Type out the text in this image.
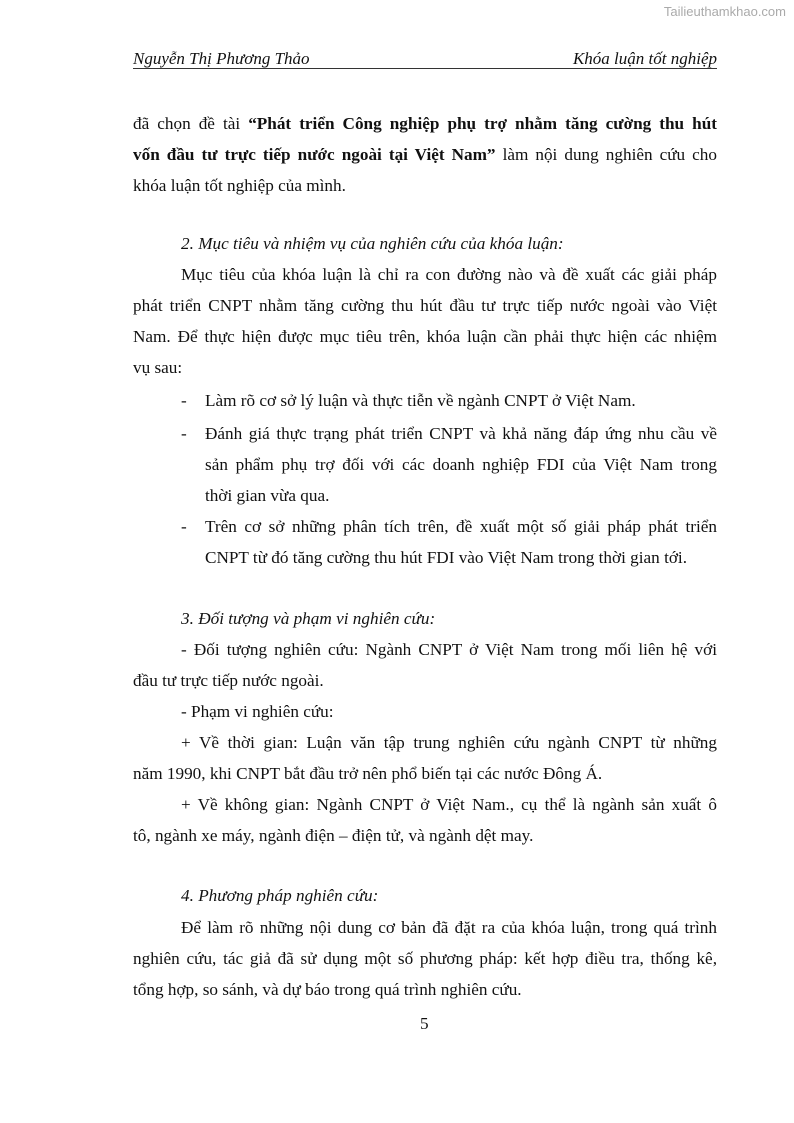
Tailieuthamkhao.com
Nguyễn Thị Phương Thảo	Khóa luận tốt nghiệp
đã chọn đề tài “Phát triển Công nghiệp phụ trợ nhằm tăng cường thu hút
vốn đầu tư trực tiếp nước ngoài tại Việt Nam” làm nội dung nghiên cứu cho
khóa luận tốt nghiệp của mình.
2. Mục tiêu và nhiệm vụ của nghiên cứu của khóa luận:
Mục tiêu của khóa luận là chỉ ra con đường nào và đề xuất các giải pháp
phát triển CNPT nhằm tăng cường thu hút đầu tư trực tiếp nước ngoài vào Việt
Nam. Để thực hiện được mục tiêu trên, khóa luận cần phải thực hiện các nhiệm
vụ sau:
- Làm rõ cơ sở lý luận và thực tiễn về ngành CNPT ở Việt Nam.
- Đánh giá thực trạng phát triển CNPT và khả năng đáp ứng nhu cầu về
sản phẩm phụ trợ đối với các doanh nghiệp FDI của Việt Nam trong
thời gian vừa qua.
- Trên cơ sở những phân tích trên, đề xuất một số giải pháp phát triển
CNPT từ đó tăng cường thu hút FDI vào Việt Nam trong thời gian tới.
3. Đối tượng và phạm vi nghiên cứu:
- Đối tượng nghiên cứu: Ngành CNPT ở Việt Nam trong mối liên hệ với
đầu tư trực tiếp nước ngoài.
- Phạm vi nghiên cứu:
+ Về thời gian: Luận văn tập trung nghiên cứu ngành CNPT từ những
năm 1990, khi CNPT bắt đầu trở nên phổ biến tại các nước Đông Á.
+ Về không gian: Ngành CNPT ở Việt Nam., cụ thể là ngành sản xuất ô
tô, ngành xe máy, ngành điện – điện tử, và ngành dệt may.
4. Phương pháp nghiên cứu:
Để làm rõ những nội dung cơ bản đã đặt ra của khóa luận, trong quá trình
nghiên cứu, tác giả đã sử dụng một số phương pháp: kết hợp điều tra, thống kê,
tổng hợp, so sánh, và dự báo trong quá trình nghiên cứu.
5
